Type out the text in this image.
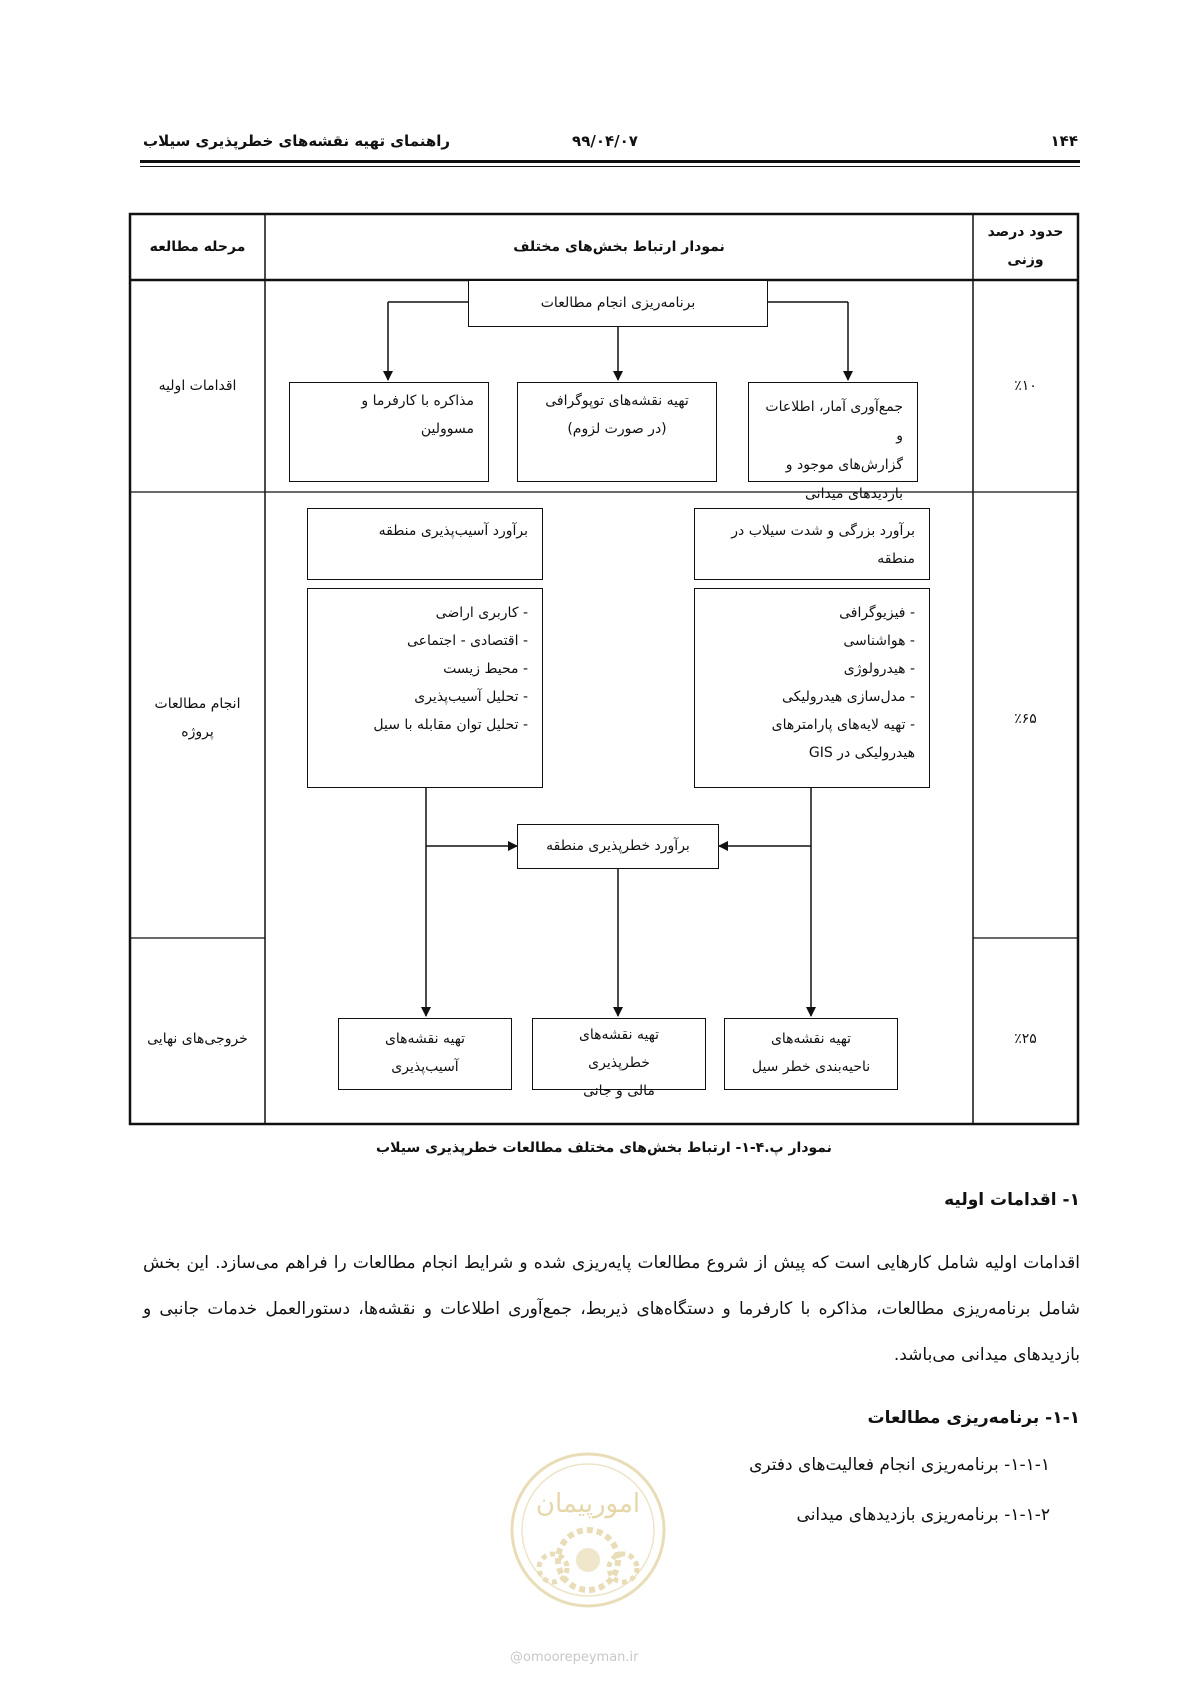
۱۴۴
۹۹/۰۴/۰۷
راهنمای تهیه نقشه‌های خطرپذیری سیلاب
مرحله مطالعه	نمودار ارتباط بخش‌های مختلف
حدود درصد
وزنی
اقدامات اولیه	٪۱۰
انجام مطالعات
پروژه
٪۶۵
خروجی‌های نهایی	٪۲۵
برنامه‌ریزی انجام مطالعات
مذاکره با کارفرما و مسوولین
تهیه نقشه‌های توپوگرافی
(در صورت لزوم)
جمع‌آوری آمار، اطلاعات و
گزارش‌های موجود و
بازدیدهای میدانی
برآورد آسیب‌پذیری منطقه	برآورد بزرگی و شدت سیلاب در
منطقه
- کاربری اراضی
- اقتصادی - اجتماعی
- محیط زیست
- تحلیل آسیب‌پذیری
- تحلیل توان مقابله با سیل
- فیزیوگرافی
- هواشناسی
- هیدرولوژی
- مدل‌سازی هیدرولیکی
- تهیه لایه‌های پارامترهای
هیدرولیکی در GIS
برآورد خطرپذیری منطقه
تهیه نقشه‌های
آسیب‌پذیری
تهیه نقشه‌های خطرپذیری
مالی و جانی
تهیه نقشه‌های
ناحیه‌بندی خطر سیل
نمودار پ.۴-۱- ارتباط بخش‌های مختلف مطالعات خطرپذیری سیلاب
۱- اقدامات اولیه
اقدامات اولیه شامل کارهایی است که پیش از شروع مطالعات پایه‌ریزی شده و شرایط انجام مطالعات را فراهم می‌سازد. این بخش شامل برنامه‌ریزی مطالعات، مذاکره با کارفرما و دستگاه‌های ذیربط، جمع‌آوری اطلاعات و نقشه‌ها، دستورالعمل خدمات جانبی و بازدیدهای میدانی می‌باشد.
۱-۱- برنامه‌ریزی مطالعات
۱-۱-۱- برنامه‌ریزی انجام فعالیت‌های دفتری
۱-۱-۲- برنامه‌ریزی بازدیدهای میدانی
امورپیمان
@omoorepeyman.ir
